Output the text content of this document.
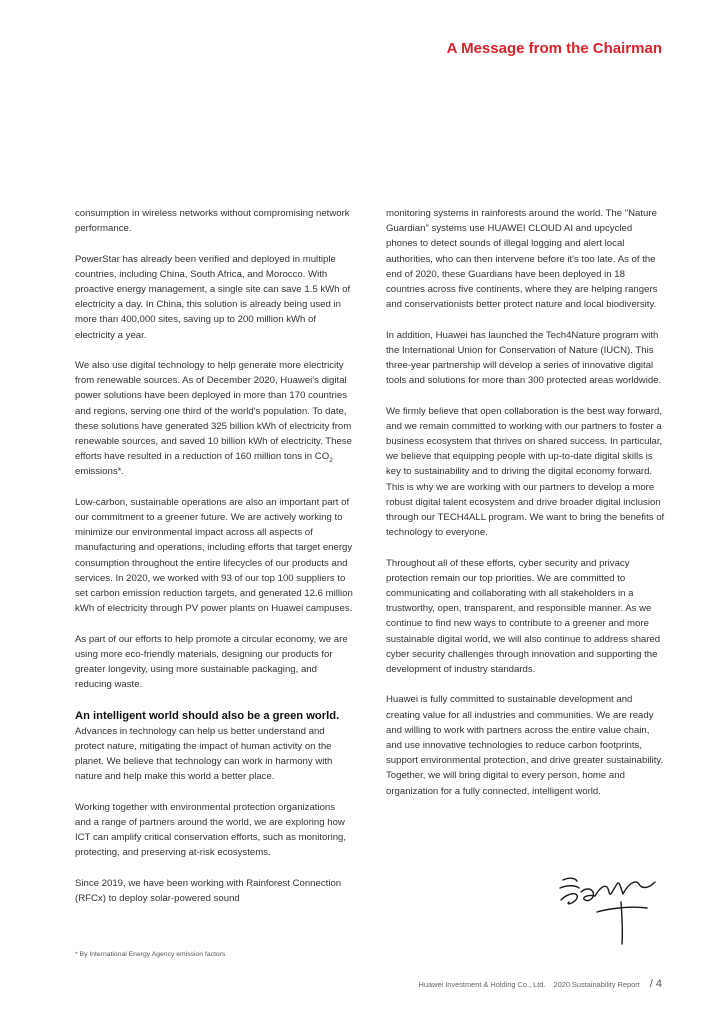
A Message from the Chairman

consumption in wireless networks without compromising network performance.

PowerStar has already been verified and deployed in multiple countries, including China, South Africa, and Morocco. With proactive energy management, a single site can save 1.5 kWh of electricity a day. In China, this solution is already being used in more than 400,000 sites, saving up to 200 million kWh of electricity a year.

We also use digital technology to help generate more electricity from renewable sources. As of December 2020, Huawei's digital power solutions have been deployed in more than 170 countries and regions, serving one third of the world's population. To date, these solutions have generated 325 billion kWh of electricity from renewable sources, and saved 10 billion kWh of electricity. These efforts have resulted in a reduction of 160 million tons in $CO_2$ emissions*.

Low-carbon, sustainable operations are also an important part of our commitment to a greener future. We are actively working to minimize our environmental impact across all aspects of manufacturing and operations, including efforts that target energy consumption throughout the entire lifecycles of our products and services. In 2020, we worked with 93 of our top 100 suppliers to set carbon emission reduction targets, and generated 12.6 million kWh of electricity through PV power plants on Huawei campuses.

As part of our efforts to help promote a circular economy, we are using more eco-friendly materials, designing our products for greater longevity, using more sustainable packaging, and reducing waste.

An intelligent world should also be a green world.

Advances in technology can help us better understand and protect nature, mitigating the impact of human activity on the planet. We believe that technology can work in harmony with nature and help make this world a better place.

Working together with environmental protection organizations and a range of partners around the world, we are exploring how ICT can amplify critical conservation efforts, such as monitoring, protecting, and preserving at-risk ecosystems.

Since 2019, we have been working with Rainforest Connection (RFCx) to deploy solar-powered sound

monitoring systems in rainforests around the world. The "Nature Guardian" systems use HUAWEI CLOUD AI and upcycled phones to detect sounds of illegal logging and alert local authorities, who can then intervene before it's too late. As of the end of 2020, these Guardians have been deployed in 18 countries across five continents, where they are helping rangers and conservationists better protect nature and local biodiversity.

In addition, Huawei has launched the Tech4Nature program with the International Union for Conservation of Nature (IUCN). This three-year partnership will develop a series of innovative digital tools and solutions for more than 300 protected areas worldwide.

We firmly believe that open collaboration is the best way forward, and we remain committed to working with our partners to foster a business ecosystem that thrives on shared success. In particular, we believe that equipping people with up-to-date digital skills is key to sustainability and to driving the digital economy forward. This is why we are working with our partners to develop a more robust digital talent ecosystem and drive broader digital inclusion through our TECH4ALL program. We want to bring the benefits of technology to everyone.

Throughout all of these efforts, cyber security and privacy protection remain our top priorities. We are committed to communicating and collaborating with all stakeholders in a trustworthy, open, transparent, and responsible manner. As we continue to find new ways to contribute to a greener and more sustainable digital world, we will also continue to address shared cyber security challenges through innovation and supporting the development of industry standards.

Huawei is fully committed to sustainable development and creating value for all industries and communities. We are ready and willing to work with partners across the entire value chain, and use innovative technologies to reduce carbon footprints, support environmental protection, and drive greater sustainability. Together, we will bring digital to every person, home and organization for a fully connected, intelligent world.

* By International Energy Agency emission factors
Huawei Investment & Holding Co., Ltd. 2020 Sustainability Report / 4
